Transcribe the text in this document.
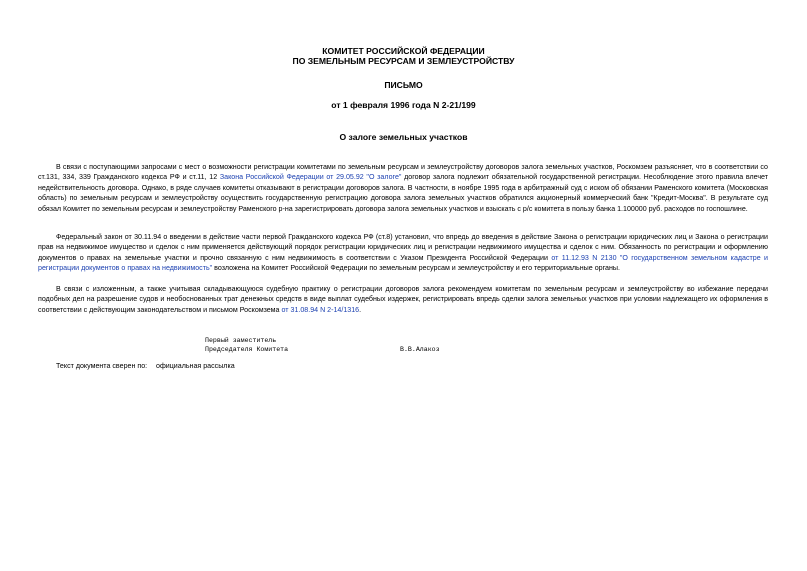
КОМИТЕТ РОССИЙСКОЙ ФЕДЕРАЦИИ
ПО ЗЕМЕЛЬНЫМ РЕСУРСАМ И ЗЕМЛЕУСТРОЙСТВУ
ПИСЬМО
от 1 февраля 1996 года N 2-21/199
О залоге земельных участков

В связи с поступающими запросами с мест о возможности регистрации комитетами по земельным ресурсам и землеустройству договоров залога земельных участков, Роскомзем разъясняет, что в соответствии со ст.131, 334, 339 Гражданского кодекса РФ и ст.11, 12 Закона Российской Федерации от 29.05.92 "О залоге" договор залога подлежит обязательной государственной регистрации. Несоблюдение этого правила влечет недействительность договора. Однако, в ряде случаев комитеты отказывают в регистрации договоров залога. В частности, в ноябре 1995 года в арбитражный суд с иском об обязании Раменского комитета (Московская область) по земельным ресурсам и землеустройству осуществить государственную регистрацию договора залога земельных участков обратился акционерный коммерческий банк "Кредит-Москва". В результате суд обязал Комитет по земельным ресурсам и землеустройству Раменского р-на зарегистрировать договора залога земельных участков и взыскать с р/с комитета в пользу банка 1.100000 руб. расходов по госпошлине.

Федеральный закон от 30.11.94 о введении в действие части первой Гражданского кодекса РФ (ст.8) установил, что впредь до введения в действие Закона о регистрации юридических лиц и Закона о регистрации прав на недвижимое имущество и сделок с ним применяется действующий порядок регистрации юридических лиц и регистрации недвижимого имущества и сделок с ним. Обязанность по регистрации и оформлению документов о правах на земельные участки и прочно связанную с ним недвижимость в соответствии с Указом Президента Российской Федерации от 11.12.93 N 2130 "О государственном земельном кадастре и регистрации документов о правах на недвижимость" возложена на Комитет Российской Федерации по земельным ресурсам и землеустройству и его территориальные органы.

В связи с изложенным, а также учитывая складывающуюся судебную практику о регистрации договоров залога рекомендуем комитетам по земельным ресурсам и землеустройству во избежание передачи подобных дел на разрешение судов и необоснованных трат денежных средств в виде выплат судебных издержек, регистрировать впредь сделки залога земельных участков при условии надлежащего их оформления в соответствии с действующим законодательством и письмом Роскомзема от 31.08.94 N 2-14/1316.

Первый заместитель
Председателя Комитета	В.В.Алакоз
Текст документа сверен по: официальная рассылка
